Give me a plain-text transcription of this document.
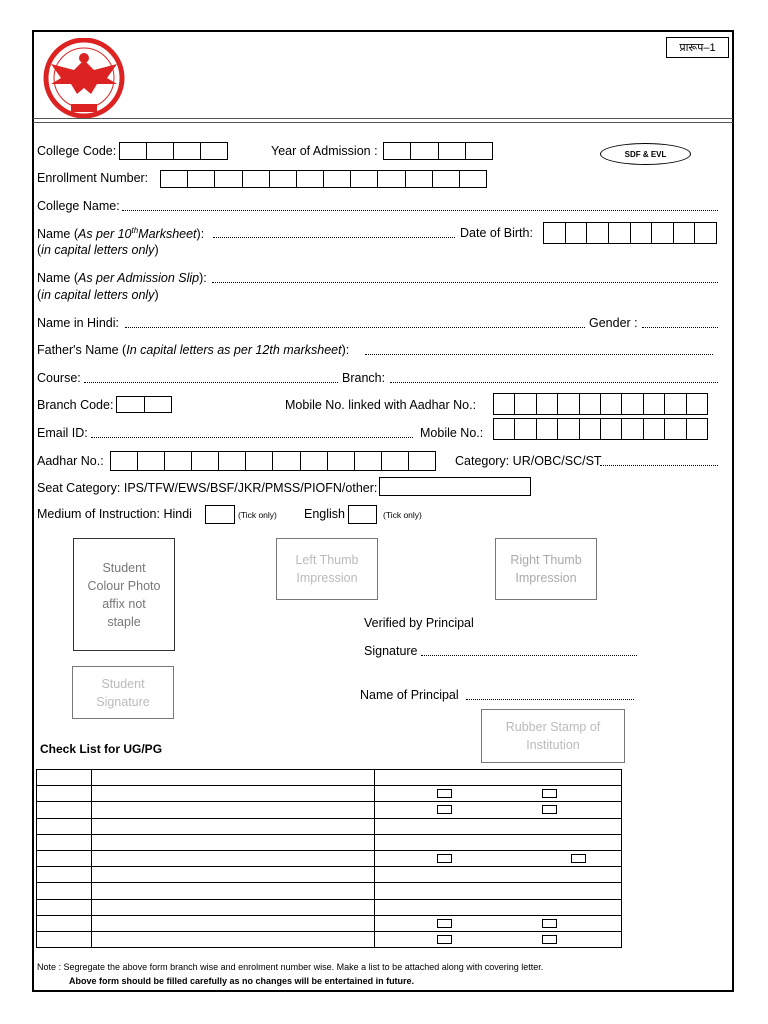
प्रारूप–1
SDF & EVL
College Code:	Year of Admission :
Enrollment Number:
College Name:
Name (As per 10thMarksheet):	Date of Birth:
(in capital letters only)
Name (As per Admission Slip):
(in capital letters only)
Name in Hindi:	Gender :
Father's Name (In capital letters as per 12th marksheet):
Course:	Branch:
Branch Code:	Mobile No. linked with Aadhar No.:
Email ID:	Mobile No.:
Aadhar No.:	Category: UR/OBC/SC/ST
Seat Category: IPS/TFW/EWS/BSF/JKR/PMSS/PIOFN/other:
Medium of Instruction: Hindi	(Tick only) English	(Tick only)
Student Colour Photo affix not staple
Left Thumb Impression
Right Thumb Impression
Student Signature
Rubber Stamp of Institution
Verified by Principal
Signature
Name of Principal
Check List for UG/PG

Note : Segregate the above form branch wise and enrolment number wise. Make a list to be attached along with covering letter.
Above form should be filled carefully as no changes will be entertained in future.
